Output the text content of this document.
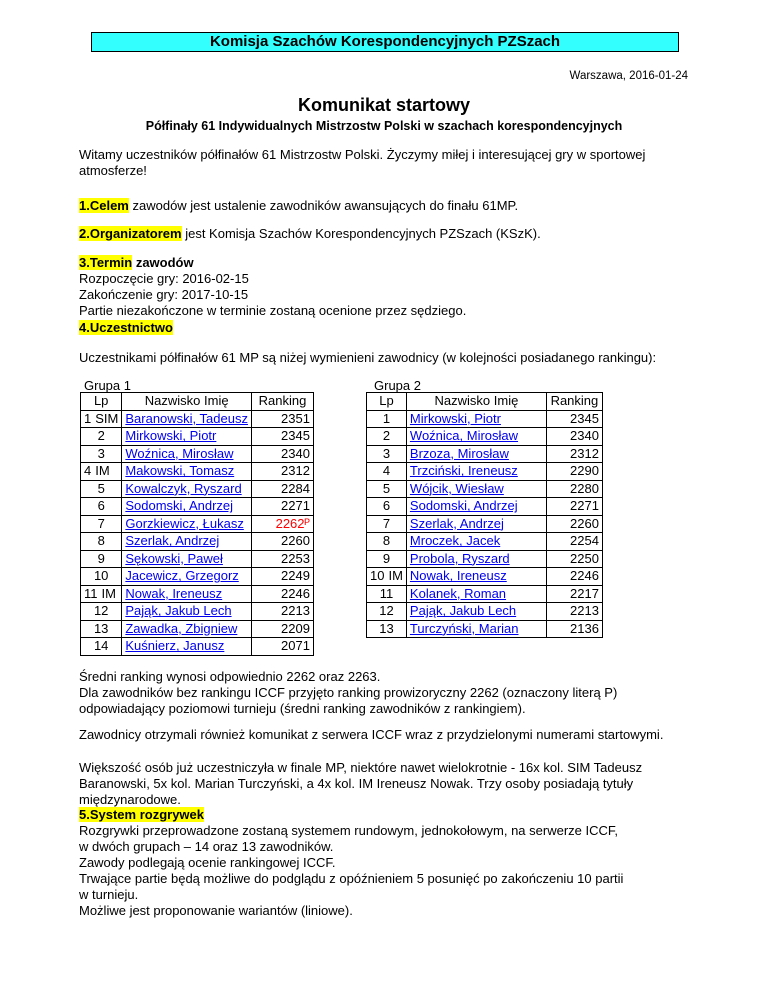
Komisja Szachów Korespondencyjnych PZSzach
Warszawa, 2016-01-24
Komunikat startowy
Półfinały 61 Indywidualnych Mistrzostw Polski w szachach korespondencyjnych
Witamy uczestników półfinałów 61 Mistrzostw Polski. Życzymy miłej i interesującej gry w sportowej atmosferze!
1.Celem zawodów jest ustalenie zawodników awansujących do finału 61MP.
2.Organizatorem jest Komisja Szachów Korespondencyjnych PZSzach (KSzK).
3.Termin zawodów
Rozpoczęcie gry: 2016-02-15
Zakończenie gry: 2017-10-15
Partie niezakończone w terminie zostaną ocenione przez sędziego.
4.Uczestnictwo
Uczestnikami półfinałów 61 MP są niżej wymienieni zawodnicy (w kolejności posiadanego rankingu):
Grupa 1	Grupa 2
Lp	Nazwisko Imię	Ranking
1 SIM	Baranowski, Tadeusz	2351
2	Mirkowski, Piotr	2345
3	Woźnica, Mirosław	2340
4 IM	Makowski, Tomasz	2312
5	Kowalczyk, Ryszard	2284
6	Sodomski, Andrzej	2271
7	Gorzkiewicz, Łukasz	2262ᴾ
8	Szerlak, Andrzej	2260
9	Sękowski, Paweł	2253
10	Jacewicz, Grzegorz	2249
11 IM	Nowak, Ireneusz	2246
12	Pająk, Jakub Lech	2213
13	Zawadka, Zbigniew	2209
14	Kuśnierz, Janusz	2071
Lp	Nazwisko Imię	Ranking
1	Mirkowski, Piotr	2345
2	Woźnica, Mirosław	2340
3	Brzoza, Mirosław	2312
4	Trzciński, Ireneusz	2290
5	Wójcik, Wiesław	2280
6	Sodomski, Andrzej	2271
7	Szerlak, Andrzej	2260
8	Mroczek, Jacek	2254
9	Probola, Ryszard	2250
10 IM	Nowak, Ireneusz	2246
11	Kolanek, Roman	2217
12	Pająk, Jakub Lech	2213
13	Turczyński, Marian	2136
Średni ranking wynosi odpowiednio 2262 oraz 2263.
Dla zawodników bez rankingu ICCF przyjęto ranking prowizoryczny 2262 (oznaczony literą P) odpowiadający poziomowi turnieju (średni ranking zawodników z rankingiem).
Zawodnicy otrzymali również komunikat z serwera ICCF wraz z przydzielonymi numerami startowymi.
Większość osób już uczestniczyła w finale MP, niektóre nawet wielokrotnie - 16x kol. SIM Tadeusz Baranowski, 5x kol. Marian Turczyński, a 4x kol. IM Ireneusz Nowak. Trzy osoby posiadają tytuły międzynarodowe.
5.System rozgrywek
Rozgrywki przeprowadzone zostaną systemem rundowym, jednokołowym, na serwerze ICCF,
w dwóch grupach – 14 oraz 13 zawodników.
Zawody podlegają ocenie rankingowej ICCF.
Trwające partie będą możliwe do podglądu z opóźnieniem 5 posunięć po zakończeniu 10 partii
w turnieju.
Możliwe jest proponowanie wariantów (liniowe).
